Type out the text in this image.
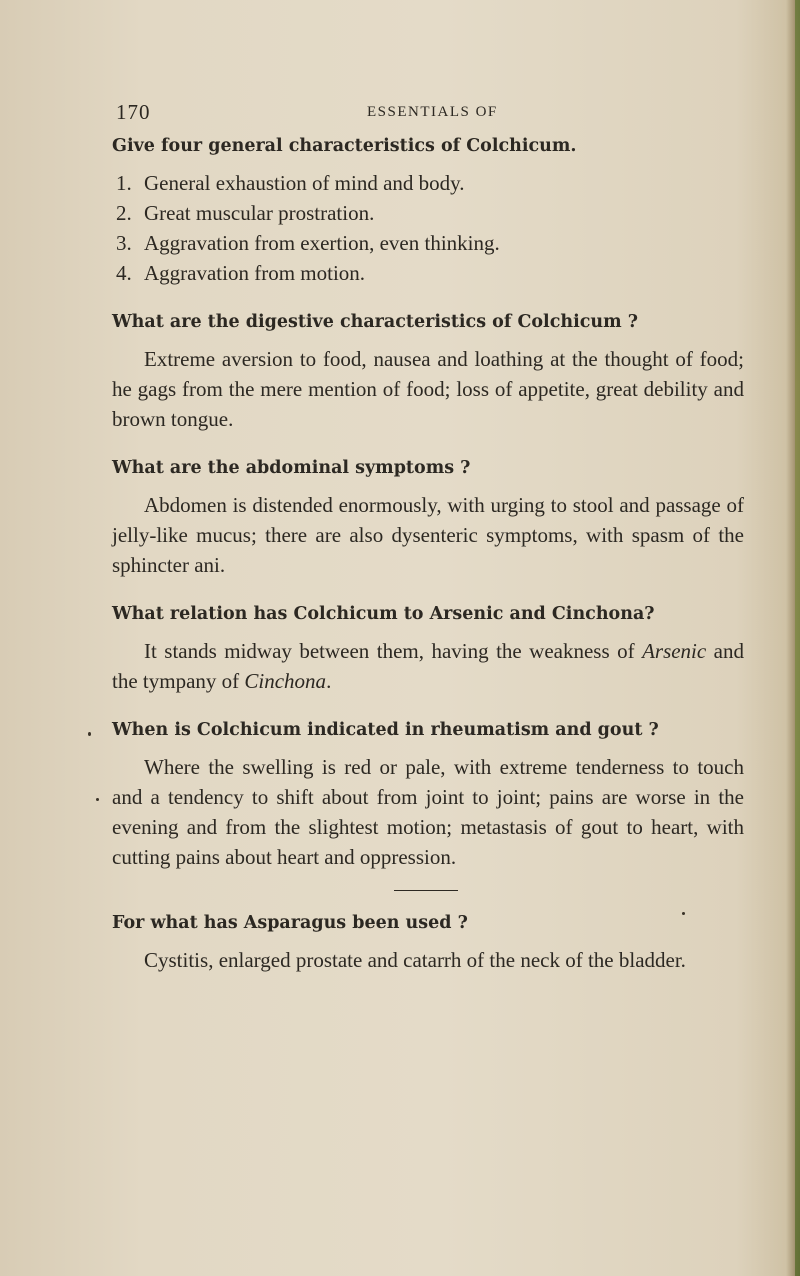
170	ESSENTIALS OF

Give four general characteristics of Colchicum.

1. General exhaustion of mind and body.
2. Great muscular prostration.
3. Aggravation from exertion, even thinking.
4. Aggravation from motion.

What are the digestive characteristics of Colchicum ?

Extreme aversion to food, nausea and loathing at the thought of food; he gags from the mere mention of food; loss of appetite, great debility and brown tongue.

What are the abdominal symptoms ?

Abdomen is distended enormously, with urging to stool and passage of jelly-like mucus; there are also dysenteric symptoms, with spasm of the sphincter ani.

What relation has Colchicum to Arsenic and Cinchona?

It stands midway between them, having the weakness of Arsenic and the tympany of Cinchona.

When is Colchicum indicated in rheumatism and gout ?

Where the swelling is red or pale, with extreme tenderness to touch and a tendency to shift about from joint to joint; pains are worse in the evening and from the slightest motion; metastasis of gout to heart, with cutting pains about heart and oppression.

For what has Asparagus been used ?

Cystitis, enlarged prostate and catarrh of the neck of the bladder.
